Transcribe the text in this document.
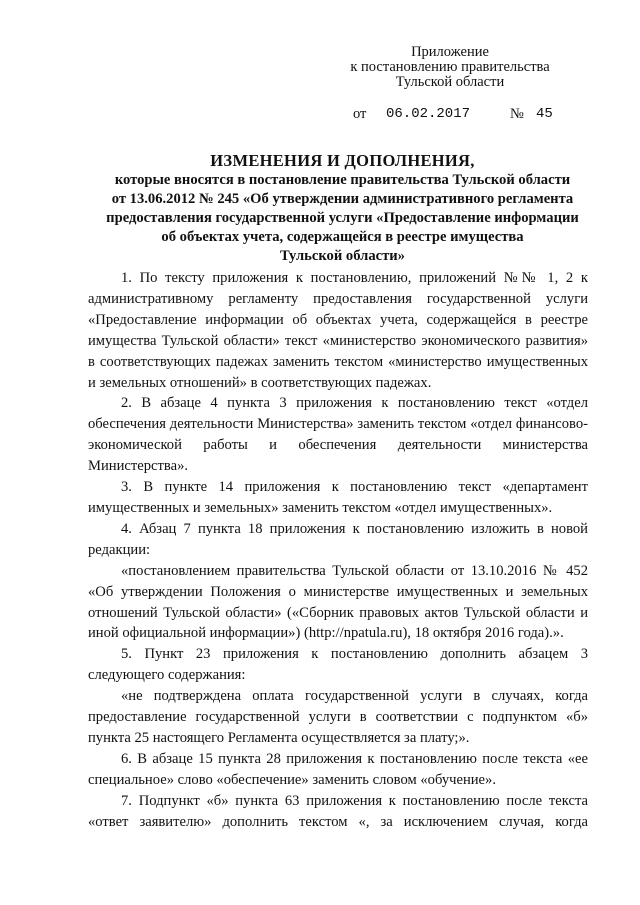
Приложение
к постановлению правительства
Тульской области
от 06.02.2017	№ 45
ИЗМЕНЕНИЯ И ДОПОЛНЕНИЯ,
которые вносятся в постановление правительства Тульской области
от 13.06.2012 № 245 «Об утверждении административного регламента
предоставления государственной услуги «Предоставление информации
об объектах учета, содержащейся в реестре имущества
Тульской области»

1. По тексту приложения к постановлению, приложений №№ 1, 2 к административному регламенту предоставления государственной услуги «Предоставление информации об объектах учета, содержащейся в реестре имущества Тульской области» текст «министерство экономического развития» в соответствующих падежах заменить текстом «министерство имущественных и земельных отношений» в соответствующих падежах.

2. В абзаце 4 пункта 3 приложения к постановлению текст «отдел обеспечения деятельности Министерства» заменить текстом «отдел финансово-экономической работы и обеспечения деятельности министерства Министерства».

3. В пункте 14 приложения к постановлению текст «департамент имущественных и земельных» заменить текстом «отдел имущественных».

4. Абзац 7 пункта 18 приложения к постановлению изложить в новой редакции:

«постановлением правительства Тульской области от 13.10.2016 № 452 «Об утверждении Положения о министерстве имущественных и земельных отношений Тульской области» («Сборник правовых актов Тульской области и иной официальной информации») (http://npatula.ru), 18 октября 2016 года).».

5. Пункт 23 приложения к постановлению дополнить абзацем 3 следующего содержания:

«не подтверждена оплата государственной услуги в случаях, когда предоставление государственной услуги в соответствии с подпунктом «б» пункта 25 настоящего Регламента осуществляется за плату;».

6. В абзаце 15 пункта 28 приложения к постановлению после текста «ее специальное» слово «обеспечение» заменить словом «обучение».

7. Подпункт «б» пункта 63 приложения к постановлению после текста «ответ заявителю» дополнить текстом «, за исключением случая, когда
